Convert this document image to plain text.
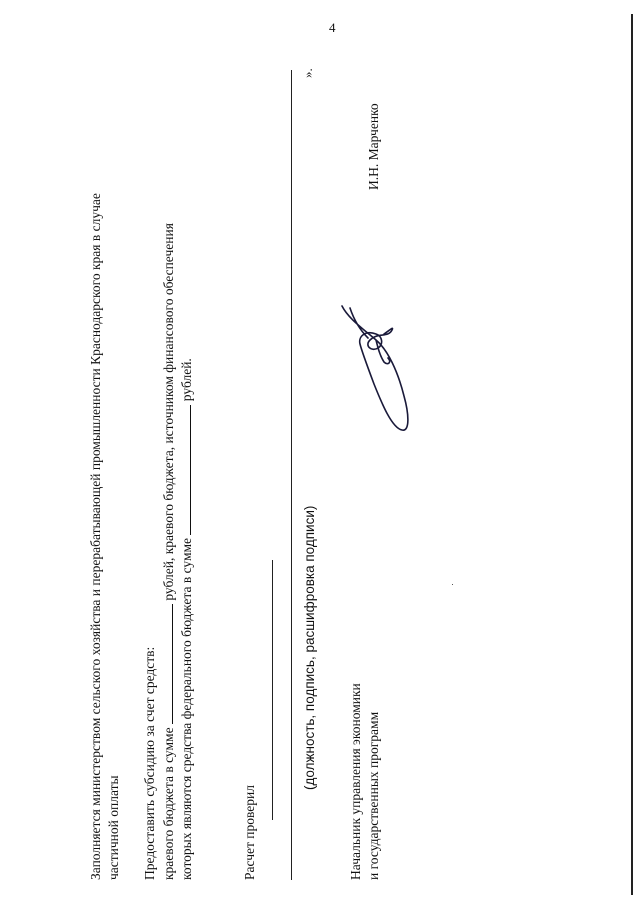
4
Заполняется министерством сельского хозяйства и перерабатывающей промышленности Краснодарского края в случае частичной оплаты Предоставить субсидию за счет средств: краевого бюджета в сумме  рублей, краевого бюджета, источником финансового обеспечения
которых являются средства федерального бюджета в сумме  рублей.
Расчет проверил
».
(должность, подпись, расшифровка подписи) Начальник управления экономики и государственных программ
И.Н. Марченко
